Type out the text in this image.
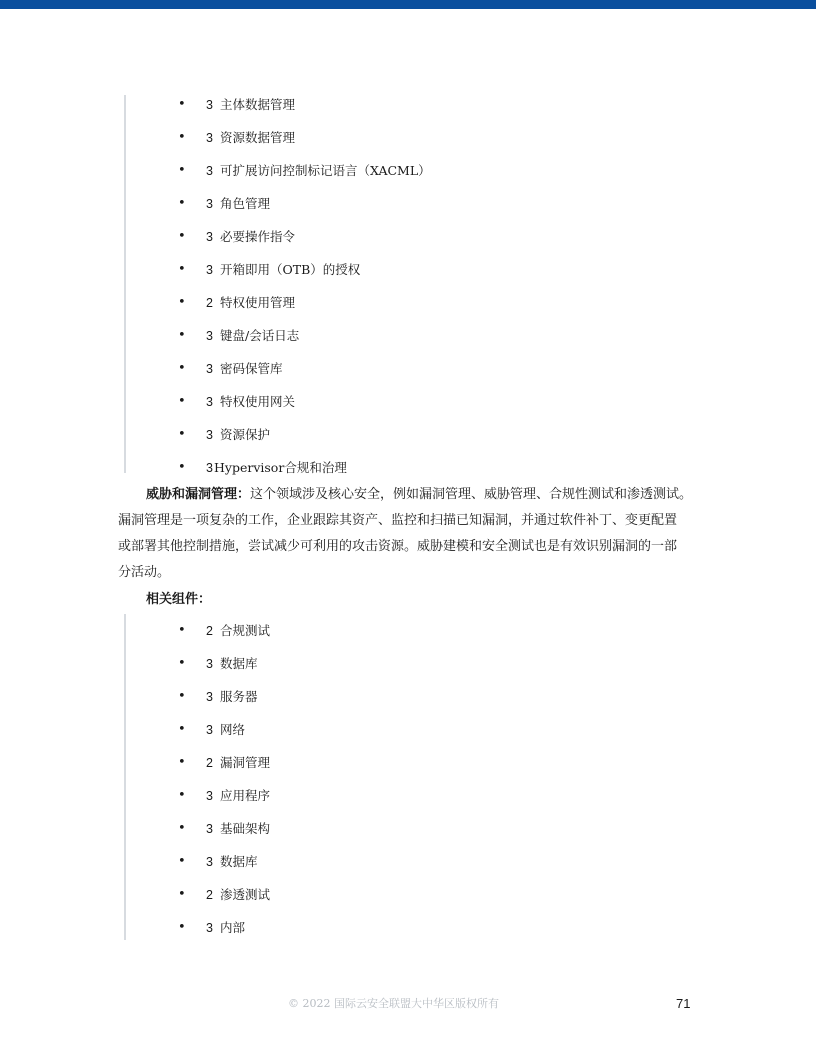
• 3 主体数据管理
• 3 资源数据管理
• 3 可扩展访问控制标记语言（XACML）
• 3 角色管理
• 3 必要操作指令
• 3 开箱即用（OTB）的授权
• 2 特权使用管理
• 3 键盘/会话日志
• 3 密码保管库
• 3 特权使用网关
• 3 资源保护
• 3 Hypervisor合规和治理
威胁和漏洞管理：这个领域涉及核心安全，例如漏洞管理、威胁管理、合规性测试和渗透测试。
漏洞管理是一项复杂的工作，企业跟踪其资产、监控和扫描已知漏洞，并通过软件补丁、变更配置
或部署其他控制措施，尝试减少可利用的攻击资源。威胁建模和安全测试也是有效识别漏洞的一部
分活动。
相关组件：
• 2 合规测试
• 3 数据库
• 3 服务器
• 3 网络
• 2 漏洞管理
• 3 应用程序
• 3 基础架构
• 3 数据库
• 2 渗透测试
• 3 内部
© 2022 国际云安全联盟大中华区版权所有	71
